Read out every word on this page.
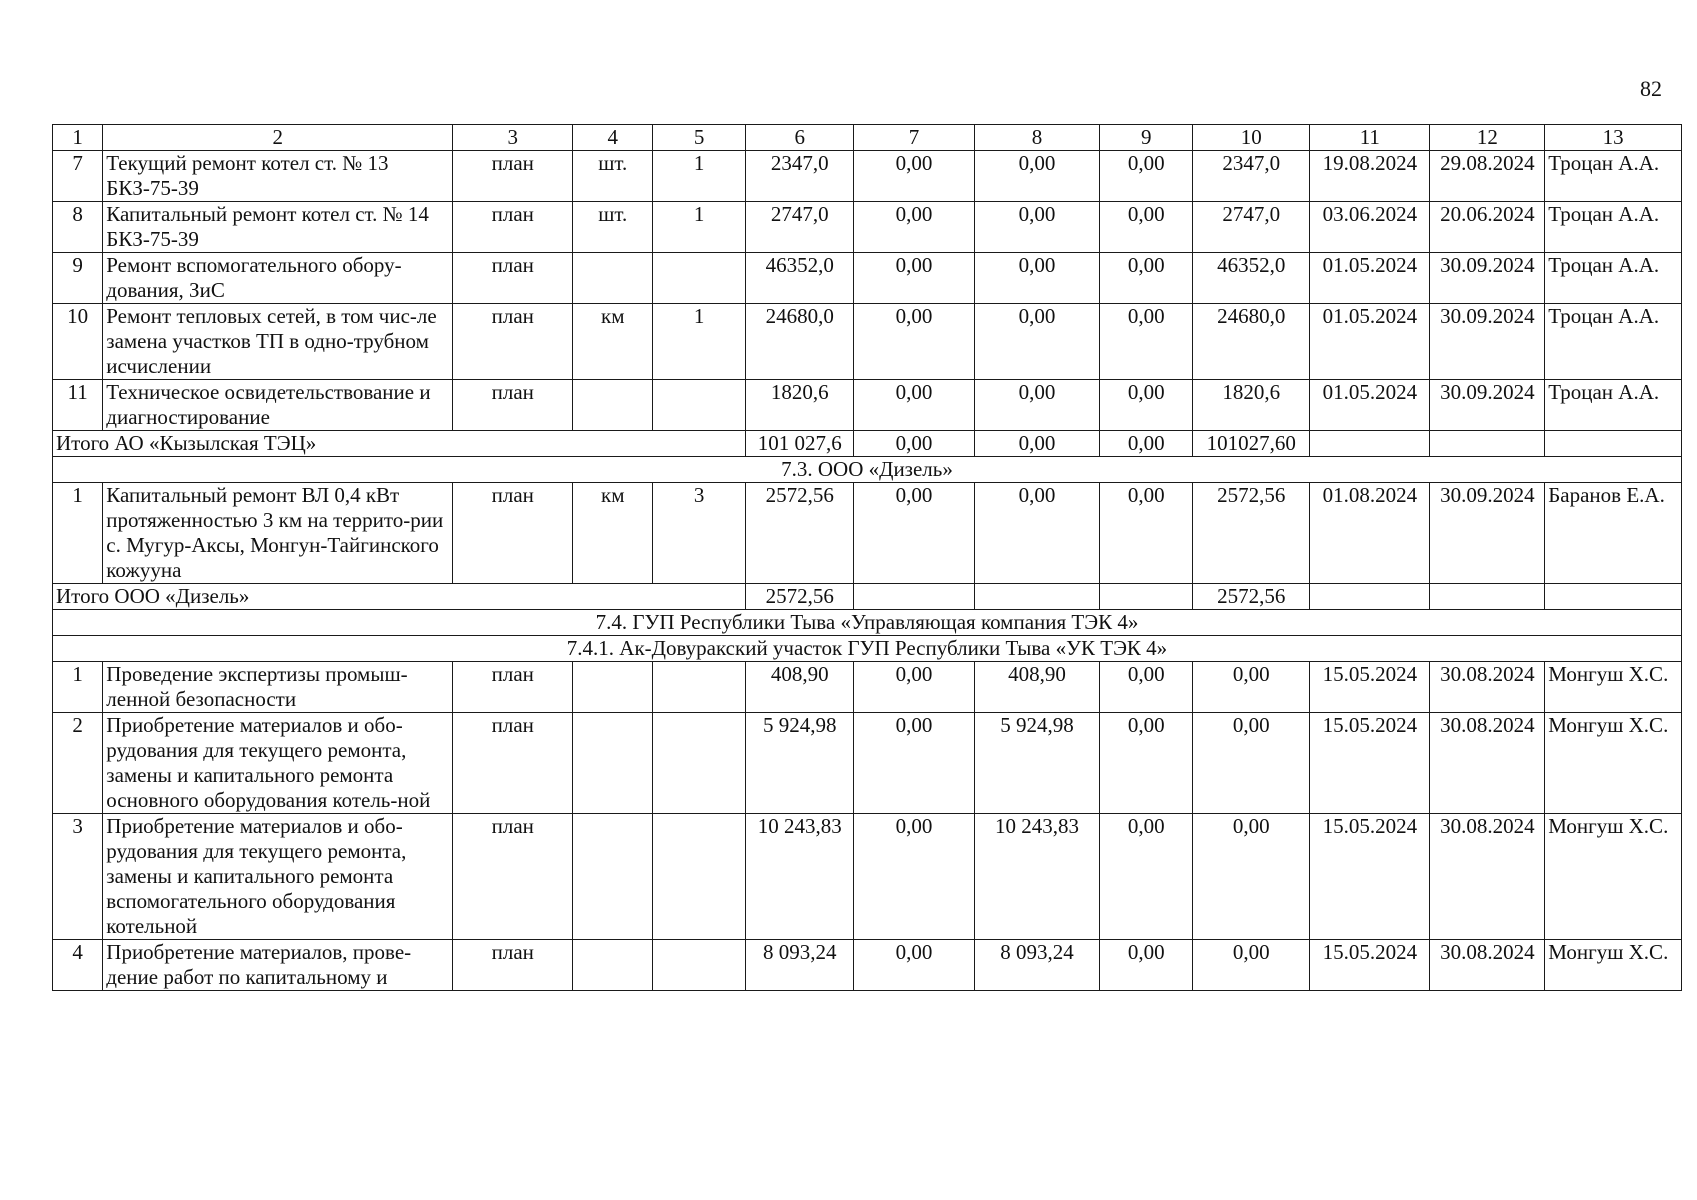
82
1	2	3	4	5	6	7	8	9	10	11	12	13
7	Текущий ремонт котел ст. № 13 БКЗ-75-39	план	шт.	1	2347,0	0,00	0,00	0,00	2347,0	19.08.2024	29.08.2024	Троцан А.А.
8	Капитальный ремонт котел ст. № 14 БКЗ-75-39	план	шт.	1	2747,0	0,00	0,00	0,00	2747,0	03.06.2024	20.06.2024	Троцан А.А.
9	Ремонт вспомогательного обору-дования, ЗиС	план			46352,0	0,00	0,00	0,00	46352,0	01.05.2024	30.09.2024	Троцан А.А.
10	Ремонт тепловых сетей, в том чис-ле замена участков ТП в одно-трубном исчислении	план	км	1	24680,0	0,00	0,00	0,00	24680,0	01.05.2024	30.09.2024	Троцан А.А.
11	Техническое освидетельствование и диагностирование	план			1820,6	0,00	0,00	0,00	1820,6	01.05.2024	30.09.2024	Троцан А.А.
Итого АО «Кызылская ТЭЦ»					101 027,6	0,00	0,00	0,00	101027,60			
7.3. ООО «Дизель»												
1	Капитальный ремонт ВЛ 0,4 кВт протяженностью 3 км на террито-рии с. Мугур-Аксы, Монгун-Тайгинского кожууна	план	км	3	2572,56	0,00	0,00	0,00	2572,56	01.08.2024	30.09.2024	Баранов Е.А.
Итого ООО «Дизель»					2572,56				2572,56			
7.4. ГУП Республики Тыва «Управляющая компания ТЭК 4»												
7.4.1. Ак-Довуракский участок ГУП Республики Тыва «УК ТЭК 4»												
1	Проведение экспертизы промыш-ленной безопасности	план			408,90	0,00	408,90	0,00	0,00	15.05.2024	30.08.2024	Монгуш Х.С.
2	Приобретение материалов и обо-рудования для текущего ремонта, замены и капитального ремонта основного оборудования котель-ной	план			5 924,98	0,00	5 924,98	0,00	0,00	15.05.2024	30.08.2024	Монгуш Х.С.
3	Приобретение материалов и обо-рудования для текущего ремонта, замены и капитального ремонта вспомогательного оборудования котельной	план			10 243,83	0,00	10 243,83	0,00	0,00	15.05.2024	30.08.2024	Монгуш Х.С.
4	Приобретение материалов, прове-дение работ по капитальному и	план			8 093,24	0,00	8 093,24	0,00	0,00	15.05.2024	30.08.2024	Монгуш Х.С.
